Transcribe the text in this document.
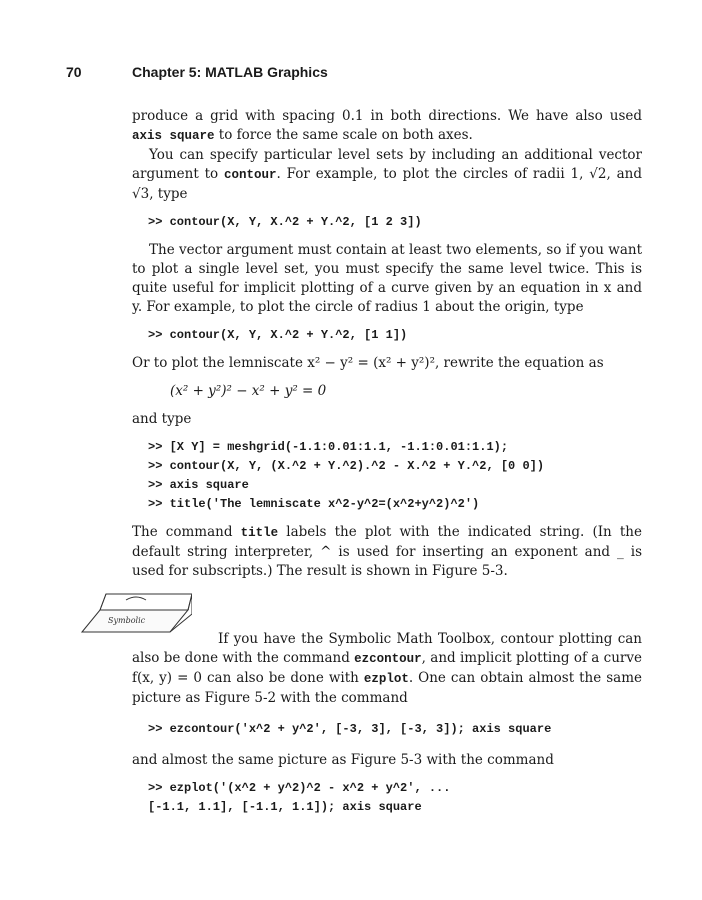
70	Chapter 5: MATLAB Graphics

produce a grid with spacing 0.1 in both directions. We have also used axis square to force the same scale on both axes.

You can specify particular level sets by including an additional vector argument to contour. For example, to plot the circles of radii 1, √2, and √3, type

>> contour(X, Y, X.^2 + Y.^2, [1 2 3])

The vector argument must contain at least two elements, so if you want to plot a single level set, you must specify the same level twice. This is quite useful for implicit plotting of a curve given by an equation in x and y. For example, to plot the circle of radius 1 about the origin, type

>> contour(X, Y, X.^2 + Y.^2, [1 1])

Or to plot the lemniscate x² − y² = (x² + y²)², rewrite the equation as

(x² + y²)² − x² + y² = 0

and type

>> [X Y] = meshgrid(-1.1:0.01:1.1, -1.1:0.01:1.1);
>> contour(X, Y, (X.^2 + Y.^2).^2 - X.^2 + Y.^2, [0 0])
>> axis square
>> title('The lemniscate x^2-y^2=(x^2+y^2)^2')

The command title labels the plot with the indicated string. (In the default string interpreter, ^ is used for inserting an exponent and _ is used for subscripts.) The result is shown in Figure 5-3.

Symbolic

If you have the Symbolic Math Toolbox, contour plotting can also be done with the command ezcontour, and implicit plotting of a curve f(x, y) = 0 can also be done with ezplot. One can obtain almost the same picture as Figure 5-2 with the command

>> ezcontour('x^2 + y^2', [-3, 3], [-3, 3]); axis square

and almost the same picture as Figure 5-3 with the command

>> ezplot('(x^2 + y^2)^2 - x^2 + y^2', ...
[-1.1, 1.1], [-1.1, 1.1]); axis square
